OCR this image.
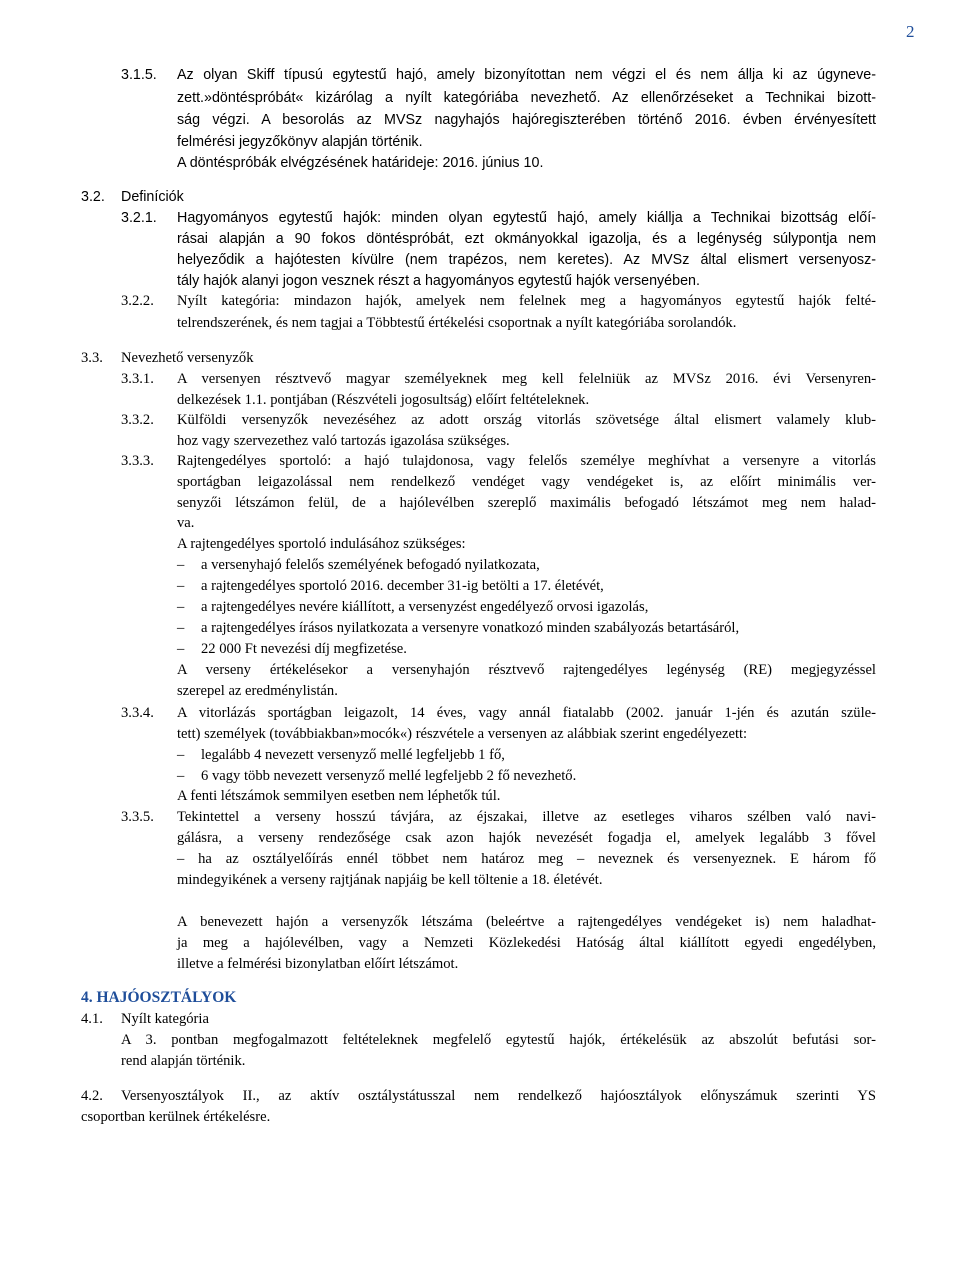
2
3.1.5. Az olyan Skiff típusú egytestű hajó, amely bizonyítottan nem végzi el és nem állja ki az úgyneve-
zett.»döntéspróbát« kizárólag a nyílt kategóriába nevezhető. Az ellenőrzéseket a Technikai bizott-
ság végzi. A besorolás az MVSz nagyhajós hajóregiszterében történő 2016. évben érvényesített
felmérési jegyzőkönyv alapján történik.
A döntéspróbák elvégzésének határideje: 2016. június 10.
3.2. Definíciók
3.2.1. Hagyományos egytestű hajók: minden olyan egytestű hajó, amely kiállja a Technikai bizottság előí-
rásai alapján a 90 fokos döntéspróbát, ezt okmányokkal igazolja, és a legénység súlypontja nem
helyeződik a hajótesten kívülre (nem trapézos, nem keretes). Az MVSz által elismert versenyosz-
tály hajók alanyi jogon vesznek részt a hagyományos egytestű hajók versenyében.
3.2.2. Nyílt kategória: mindazon hajók, amelyek nem felelnek meg a hagyományos egytestű hajók felté-
telrendszerének, és nem tagjai a Többtestű értékelési csoportnak a nyílt kategóriába sorolandók.
3.3. Nevezhető versenyzők
3.3.1. A versenyen résztvevő magyar személyeknek meg kell felelniük az MVSz 2016. évi Versenyren-
delkezések 1.1. pontjában (Részvételi jogosultság) előírt feltételeknek.
3.3.2. Külföldi versenyzők nevezéséhez az adott ország vitorlás szövetsége által elismert valamely klub-
hoz vagy szervezethez való tartozás igazolása szükséges.
3.3.3. Rajtengedélyes sportoló: a hajó tulajdonosa, vagy felelős személye meghívhat a versenyre a vitorlás
sportágban leigazolással nem rendelkező vendéget vagy vendégeket is, az előírt minimális ver-
senyzői létszámon felül, de a hajólevélben szereplő maximális befogadó létszámot meg nem halad-
va.
A rajtengedélyes sportoló indulásához szükséges:
– a versenyhajó felelős személyének befogadó nyilatkozata,
– a rajtengedélyes sportoló 2016. december 31-ig betölti a 17. életévét,
– a rajtengedélyes nevére kiállított, a versenyzést engedélyező orvosi igazolás,
– a rajtengedélyes írásos nyilatkozata a versenyre vonatkozó minden szabályozás betartásáról,
– 22 000 Ft nevezési díj megfizetése.
A verseny értékelésekor a versenyhajón résztvevő rajtengedélyes legénység (RE) megjegyzéssel
szerepel az eredménylistán.
3.3.4. A vitorlázás sportágban leigazolt, 14 éves, vagy annál fiatalabb (2002. január 1-jén és azután szüle-
tett) személyek (továbbiakban»mocók«) részvétele a versenyen az alábbiak szerint engedélyezett:
– legalább 4 nevezett versenyző mellé legfeljebb 1 fő,
– 6 vagy több nevezett versenyző mellé legfeljebb 2 fő nevezhető.
A fenti létszámok semmilyen esetben nem léphetők túl.
3.3.5. Tekintettel a verseny hosszú távjára, az éjszakai, illetve az esetleges viharos szélben való navi-
gálásra, a verseny rendezősége csak azon hajók nevezését fogadja el, amelyek legalább 3 fővel
– ha az osztályelőírás ennél többet nem határoz meg – neveznek és versenyeznek. E három fő
mindegyikének a verseny rajtjának napjáig be kell töltenie a 18. életévét.
A benevezett hajón a versenyzők létszáma (beleértve a rajtengedélyes vendégeket is) nem haladhat-
ja meg a hajólevélben, vagy a Nemzeti Közlekedési Hatóság által kiállított egyedi engedélyben,
illetve a felmérési bizonylatban előírt létszámot.
4. HAJÓOSZTÁLYOK
4.1. Nyílt kategória
A 3. pontban megfogalmazott feltételeknek megfelelő egytestű hajók, értékelésük az abszolút befutási sor-
rend alapján történik.
4.2. Versenyosztályok II., az aktív osztálystátusszal nem rendelkező hajóosztályok előnyszámuk szerinti YS
csoportban kerülnek értékelésre.
